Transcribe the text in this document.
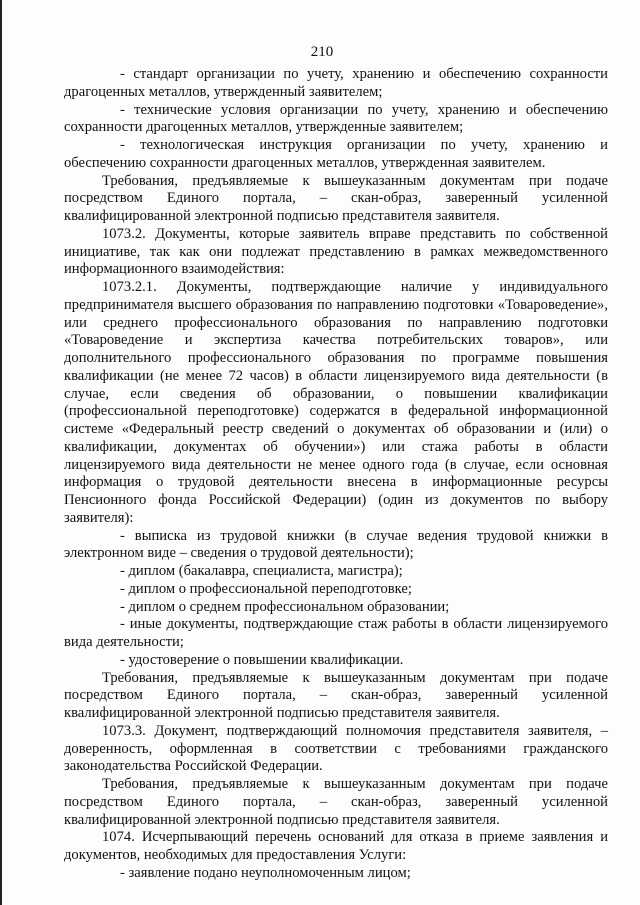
210

- стандарт организации по учету, хранению и обеспечению сохранности драгоценных металлов, утвержденный заявителем;

- технические условия организации по учету, хранению и обеспечению сохранности драгоценных металлов, утвержденные заявителем;

- технологическая инструкция организации по учету, хранению и обеспечению сохранности драгоценных металлов, утвержденная заявителем.

Требования, предъявляемые к вышеуказанным документам при подаче посредством Единого портала, – скан-образ, заверенный усиленной квалифицированной электронной подписью представителя заявителя.

1073.2. Документы, которые заявитель вправе представить по собственной инициативе, так как они подлежат представлению в рамках межведомственного информационного взаимодействия:

1073.2.1. Документы, подтверждающие наличие у индивидуального предпринимателя высшего образования по направлению подготовки «Товароведение», или среднего профессионального образования по направлению подготовки «Товароведение и экспертиза качества потребительских товаров», или дополнительного профессионального образования по программе повышения квалификации (не менее 72 часов) в области лицензируемого вида деятельности (в случае, если сведения об образовании, о повышении квалификации (профессиональной переподготовке) содержатся в федеральной информационной системе «Федеральный реестр сведений о документах об образовании и (или) о квалификации, документах об обучении») или стажа работы в области лицензируемого вида деятельности не менее одного года (в случае, если основная информация о трудовой деятельности внесена в информационные ресурсы Пенсионного фонда Российской Федерации) (один из документов по выбору заявителя):

- выписка из трудовой книжки (в случае ведения трудовой книжки в электронном виде – сведения о трудовой деятельности);

- диплом (бакалавра, специалиста, магистра);

- диплом о профессиональной переподготовке;

- диплом о среднем профессиональном образовании;

- иные документы, подтверждающие стаж работы в области лицензируемого вида деятельности;

- удостоверение о повышении квалификации.

Требования, предъявляемые к вышеуказанным документам при подаче посредством Единого портала, – скан-образ, заверенный усиленной квалифицированной электронной подписью представителя заявителя.

1073.3. Документ, подтверждающий полномочия представителя заявителя, – доверенность, оформленная в соответствии с требованиями гражданского законодательства Российской Федерации.

Требования, предъявляемые к вышеуказанным документам при подаче посредством Единого портала, – скан-образ, заверенный усиленной квалифицированной электронной подписью представителя заявителя.

1074. Исчерпывающий перечень оснований для отказа в приеме заявления и документов, необходимых для предоставления Услуги:

- заявление подано неуполномоченным лицом;
